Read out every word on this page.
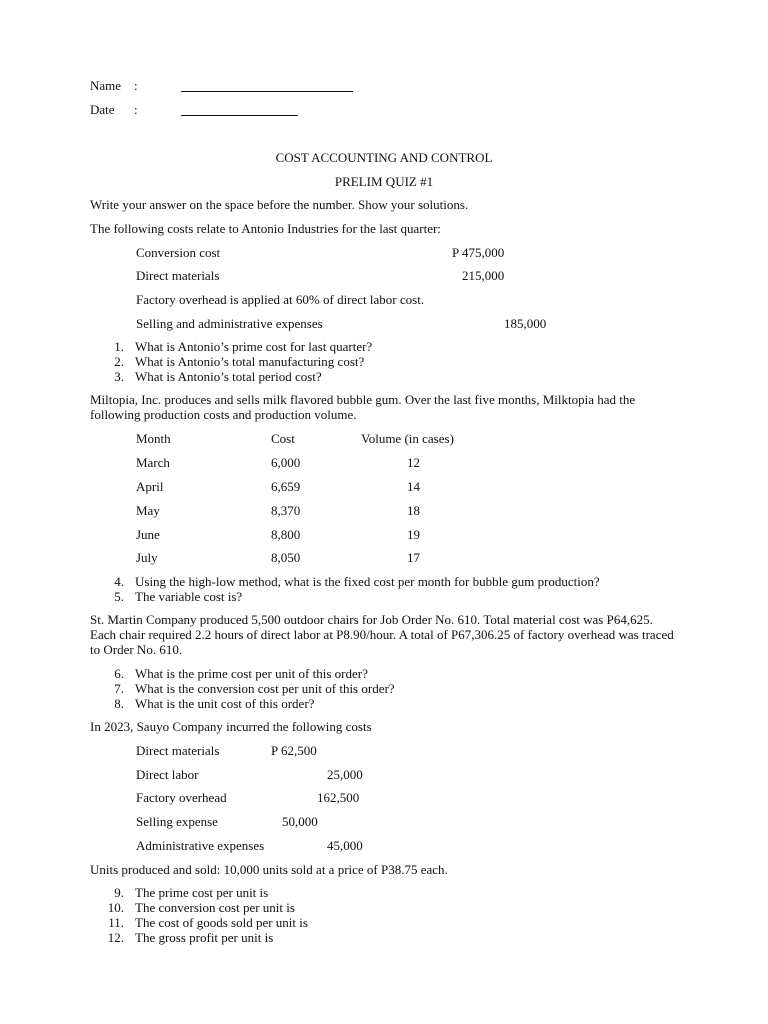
Name :
Date :
COST ACCOUNTING AND CONTROL
PRELIM QUIZ #1
Write your answer on the space before the number. Show your solutions.
The following costs relate to Antonio Industries for the last quarter:
Conversion cost	P 475,000
Direct materials	215,000
Factory overhead is applied at 60% of direct labor cost.
Selling and administrative expenses	185,000
1. What is Antonio’s prime cost for last quarter?
2. What is Antonio’s total manufacturing cost?
3. What is Antonio’s total period cost?
Miltopia, Inc. produces and sells milk flavored bubble gum. Over the last five months, Milktopia had the following production costs and production volume.
Month	Cost	Volume (in cases)
March	6,000	12
April	6,659	14
May	8,370	18
June	8,800	19
July	8,050	17
4. Using the high-low method, what is the fixed cost per month for bubble gum production?
5. The variable cost is?
St. Martin Company produced 5,500 outdoor chairs for Job Order No. 610. Total material cost was P64,625. Each chair required 2.2 hours of direct labor at P8.90/hour. A total of P67,306.25 of factory overhead was traced to Order No. 610.
6. What is the prime cost per unit of this order?
7. What is the conversion cost per unit of this order?
8. What is the unit cost of this order?
In 2023, Sauyo Company incurred the following costs
Direct materials	P 62,500
Direct labor	25,000
Factory overhead	162,500
Selling expense	50,000
Administrative expenses	45,000
Units produced and sold: 10,000 units sold at a price of P38.75 each.
9. The prime cost per unit is
10. The conversion cost per unit is
11. The cost of goods sold per unit is
12. The gross profit per unit is
